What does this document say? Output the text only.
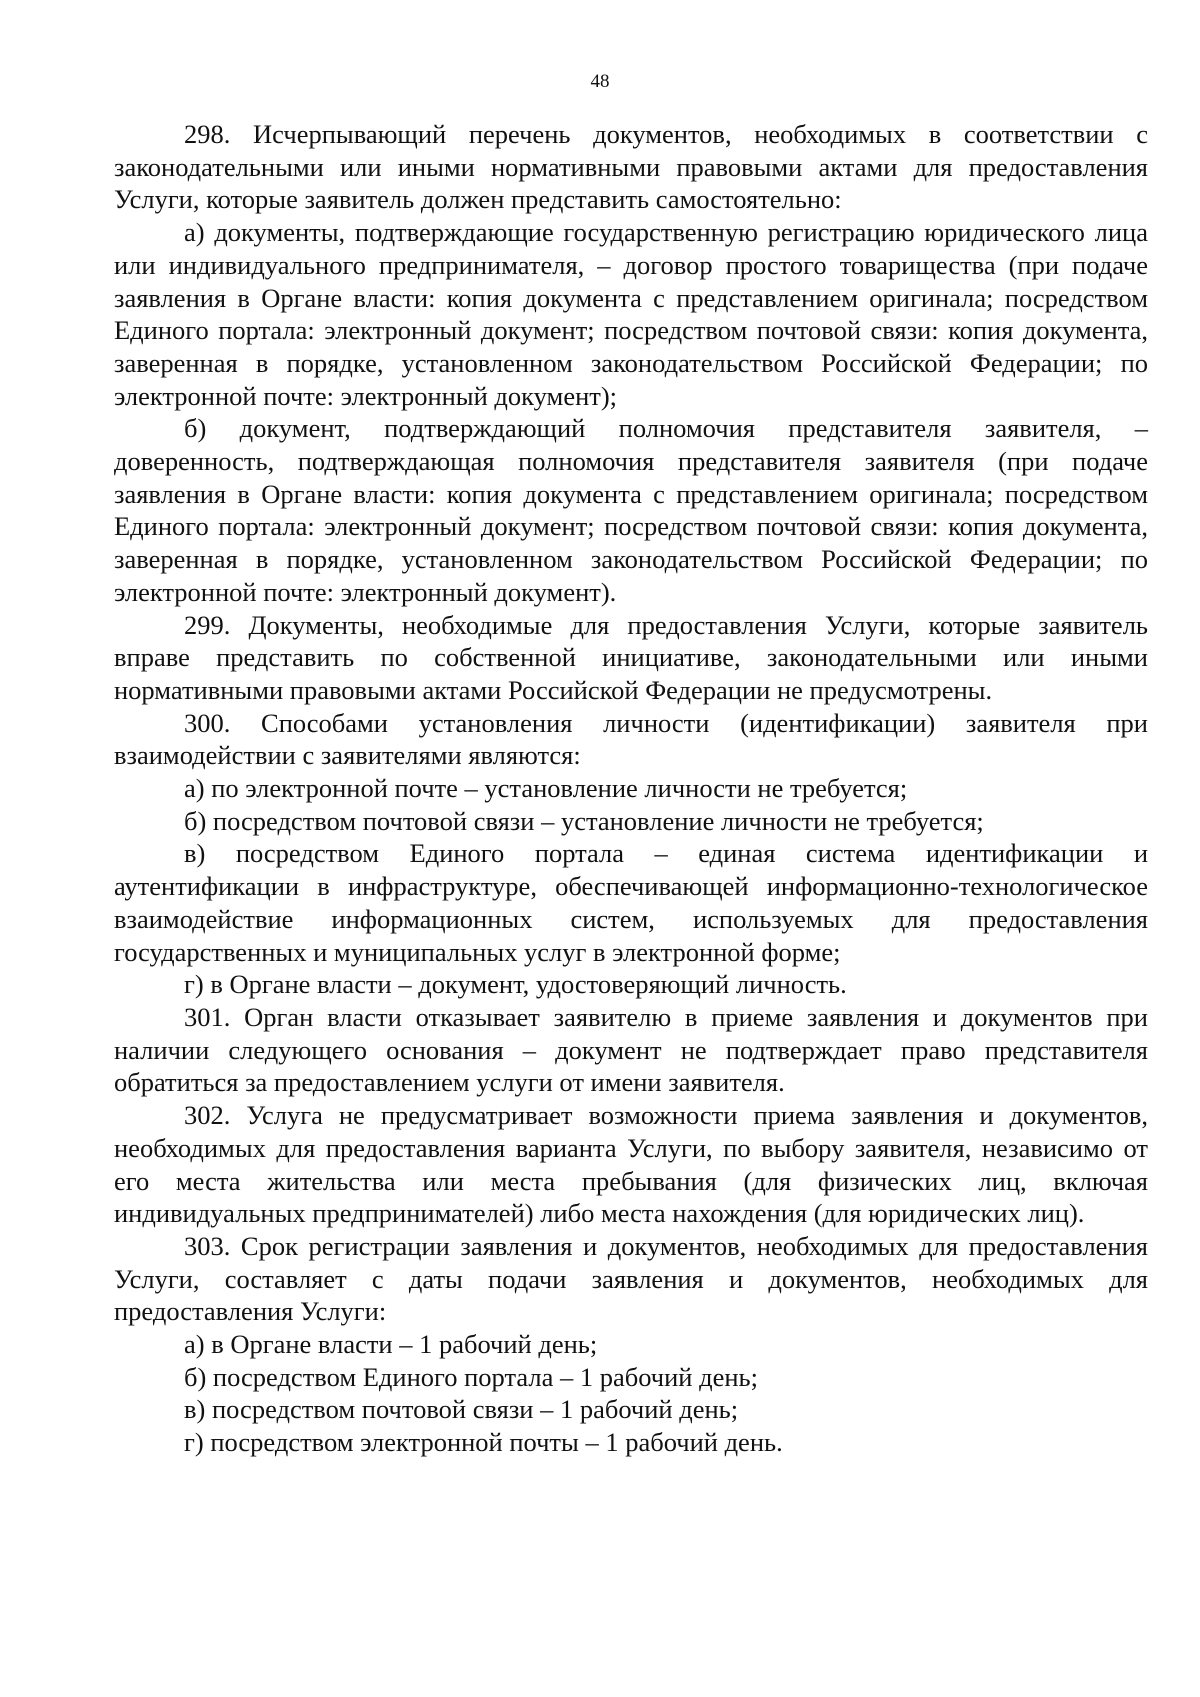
48

298. Исчерпывающий перечень документов, необходимых в соответствии с законодательными или иными нормативными правовыми актами для предоставления Услуги, которые заявитель должен представить самостоятельно:

а) документы, подтверждающие государственную регистрацию юридического лица или индивидуального предпринимателя, – договор простого товарищества (при подаче заявления в Органе власти: копия документа с представлением оригинала; посредством Единого портала: электронный документ; посредством почтовой связи: копия документа, заверенная в порядке, установленном законодательством Российской Федерации; по электронной почте: электронный документ);

б) документ, подтверждающий полномочия представителя заявителя, – доверенность, подтверждающая полномочия представителя заявителя (при подаче заявления в Органе власти: копия документа с представлением оригинала; посредством Единого портала: электронный документ; посредством почтовой связи: копия документа, заверенная в порядке, установленном законодательством Российской Федерации; по электронной почте: электронный документ).

299. Документы, необходимые для предоставления Услуги, которые заявитель вправе представить по собственной инициативе, законодательными или иными нормативными правовыми актами Российской Федерации не предусмотрены.

300. Способами установления личности (идентификации) заявителя при взаимодействии с заявителями являются:

а) по электронной почте – установление личности не требуется;

б) посредством почтовой связи – установление личности не требуется;

в) посредством Единого портала – единая система идентификации и аутентификации в инфраструктуре, обеспечивающей информационно-технологическое взаимодействие информационных систем, используемых для предоставления государственных и муниципальных услуг в электронной форме;

г) в Органе власти – документ, удостоверяющий личность.

301. Орган власти отказывает заявителю в приеме заявления и документов при наличии следующего основания – документ не подтверждает право представителя обратиться за предоставлением услуги от имени заявителя.

302. Услуга не предусматривает возможности приема заявления и документов, необходимых для предоставления варианта Услуги, по выбору заявителя, независимо от его места жительства или места пребывания (для физических лиц, включая индивидуальных предпринимателей) либо места нахождения (для юридических лиц).

303. Срок регистрации заявления и документов, необходимых для предоставления Услуги, составляет с даты подачи заявления и документов, необходимых для предоставления Услуги:

а) в Органе власти – 1 рабочий день;

б) посредством Единого портала – 1 рабочий день;

в) посредством почтовой связи – 1 рабочий день;

г) посредством электронной почты – 1 рабочий день.
